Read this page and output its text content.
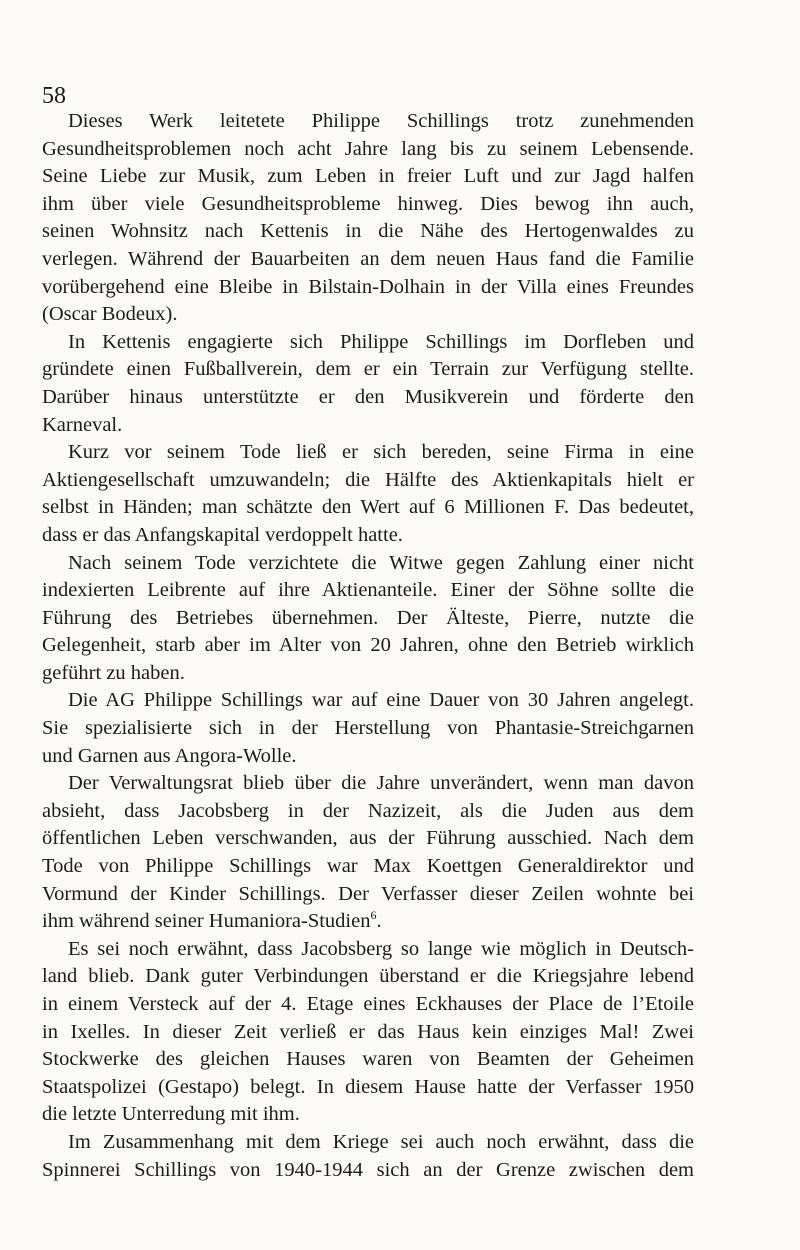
58
Dieses Werk leitetete Philippe Schillings trotz zunehmenden
Gesundheitsproblemen noch acht Jahre lang bis zu seinem Lebensende.
Seine Liebe zur Musik, zum Leben in freier Luft und zur Jagd halfen
ihm über viele Gesundheitsprobleme hinweg. Dies bewog ihn auch,
seinen Wohnsitz nach Kettenis in die Nähe des Hertogenwaldes zu
verlegen. Während der Bauarbeiten an dem neuen Haus fand die Familie
vorübergehend eine Bleibe in Bilstain-Dolhain in der Villa eines Freundes
(Oscar Bodeux).
In Kettenis engagierte sich Philippe Schillings im Dorfleben und
gründete einen Fußballverein, dem er ein Terrain zur Verfügung stellte.
Darüber hinaus unterstützte er den Musikverein und förderte den
Karneval.
Kurz vor seinem Tode ließ er sich bereden, seine Firma in eine
Aktiengesellschaft umzuwandeln; die Hälfte des Aktienkapitals hielt er
selbst in Händen; man schätzte den Wert auf 6 Millionen F. Das bedeutet,
dass er das Anfangskapital verdoppelt hatte.
Nach seinem Tode verzichtete die Witwe gegen Zahlung einer nicht
indexierten Leibrente auf ihre Aktienanteile. Einer der Söhne sollte die
Führung des Betriebes übernehmen. Der Älteste, Pierre, nutzte die
Gelegenheit, starb aber im Alter von 20 Jahren, ohne den Betrieb wirklich
geführt zu haben.
Die AG Philippe Schillings war auf eine Dauer von 30 Jahren angelegt.
Sie spezialisierte sich in der Herstellung von Phantasie-Streichgarnen
und Garnen aus Angora-Wolle.
Der Verwaltungsrat blieb über die Jahre unverändert, wenn man davon
absieht, dass Jacobsberg in der Nazizeit, als die Juden aus dem
öffentlichen Leben verschwanden, aus der Führung ausschied. Nach dem
Tode von Philippe Schillings war Max Koettgen Generaldirektor und
Vormund der Kinder Schillings. Der Verfasser dieser Zeilen wohnte bei
ihm während seiner Humaniora-Studien$^6$.
Es sei noch erwähnt, dass Jacobsberg so lange wie möglich in Deutsch-
land blieb. Dank guter Verbindungen überstand er die Kriegsjahre lebend
in einem Versteck auf der 4. Etage eines Eckhauses der Place de l’Etoile
in Ixelles. In dieser Zeit verließ er das Haus kein einziges Mal! Zwei
Stockwerke des gleichen Hauses waren von Beamten der Geheimen
Staatspolizei (Gestapo) belegt. In diesem Hause hatte der Verfasser 1950
die letzte Unterredung mit ihm.
Im Zusammenhang mit dem Kriege sei auch noch erwähnt, dass die
Spinnerei Schillings von 1940-1944 sich an der Grenze zwischen dem
